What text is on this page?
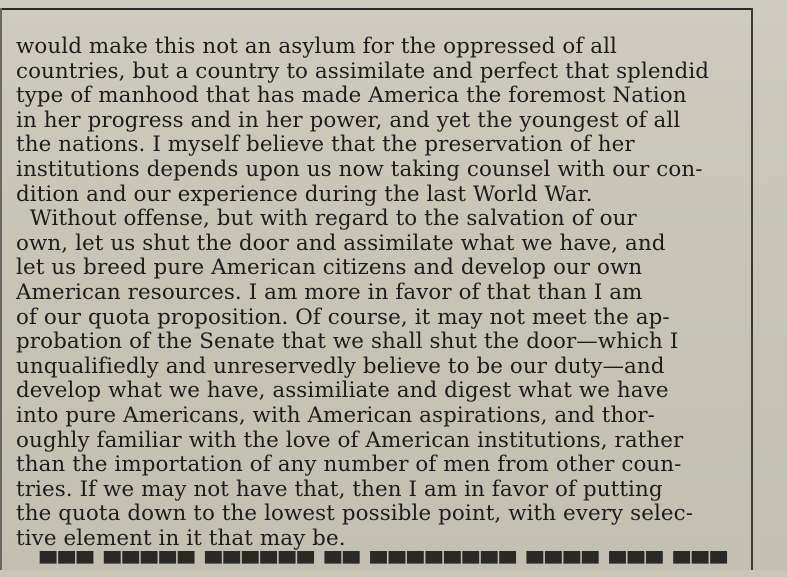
would make this not an asylum for the oppressed of all
countries, but a country to assimilate and perfect that splendid
type of manhood that has made America the foremost Nation
in her progress and in her power, and yet the youngest of all
the nations. I myself believe that the preservation of her
institutions depends upon us now taking counsel with our con-
dition and our experience during the last World War.
Without offense, but with regard to the salvation of our
own, let us shut the door and assimilate what we have, and
let us breed pure American citizens and develop our own
American resources. I am more in favor of that than I am
of our quota proposition. Of course, it may not meet the ap-
probation of the Senate that we shall shut the door—which I
unqualifiedly and unreservedly believe to be our duty—and
develop what we have, assimiliate and digest what we have
into pure Americans, with American aspirations, and thor-
oughly familiar with the love of American institutions, rather
than the importation of any number of men from other coun-
tries. If we may not have that, then I am in favor of putting
the quota down to the lowest possible point, with every selec-
tive element in it that may be.
▀▀▀ ▀▀▀▀▀ ▀▀▀▀▀▀ ▀▀ ▀▀▀▀▀▀▀▀ ▀▀▀▀ ▀▀▀ ▀▀▀
